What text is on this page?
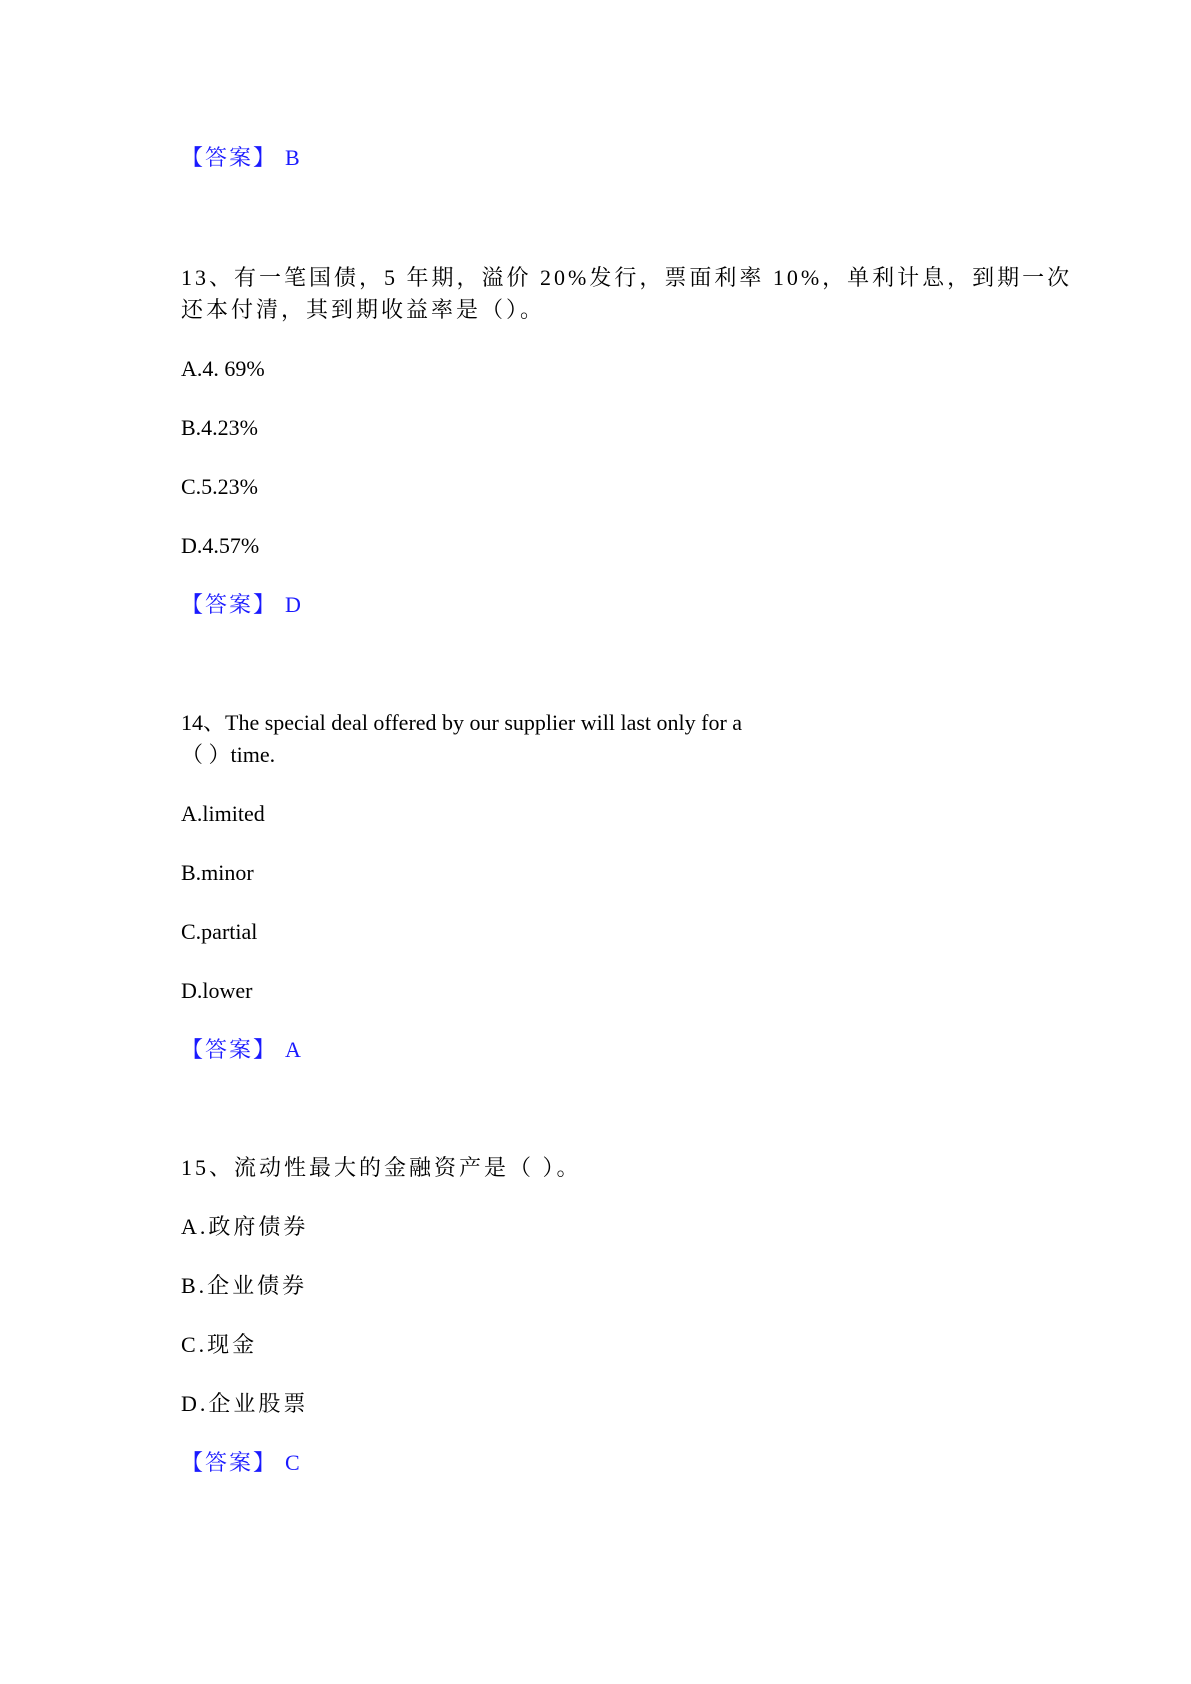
【答案】 B
13、有一笔国债，5 年期，溢价 20%发行，票面利率 10%，单利计息，到期一次
还本付清，其到期收益率是（）。
A.4. 69%
B.4.23%
C.5.23%
D.4.57%
【答案】 D
14、The special deal offered by our supplier will last only for a
（ ）time.
A.limited
B.minor
C.partial
D.lower
【答案】 A
15、流动性最大的金融资产是（ ）。
A.政府债券
B.企业债券
C.现金
D.企业股票
【答案】 C
